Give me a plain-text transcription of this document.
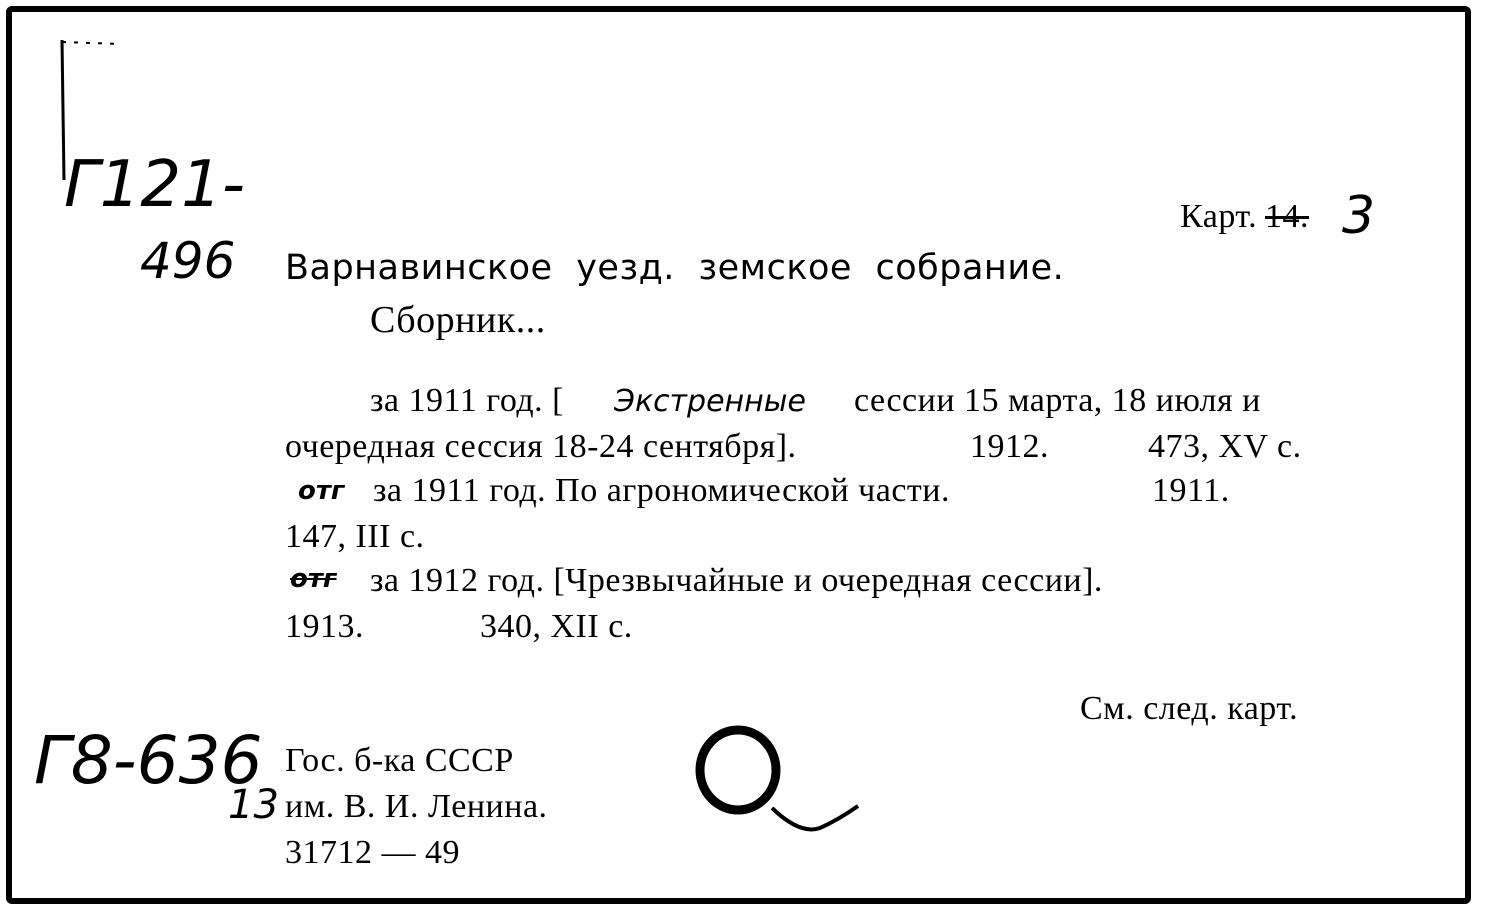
Г121-
496
Карт. 14. 3
Варнавинское уезд. земское собрание.
Сборник...
за 1911 год. [ Экстренные сессии 15 марта, 18 июля и
очередная сессия 18-24 сентября].	1912.	473, XV с.
отг за 1911 год. По агрономической части.	1911.
147, III с.
отг за 1912 год. [Чрезвычайные и очередная сессии].
1913.	340, XII с.
См. след. карт.
Гос. б-ка СССР
им. В. И. Ленина.
31712 — 49
Г8-636
13
